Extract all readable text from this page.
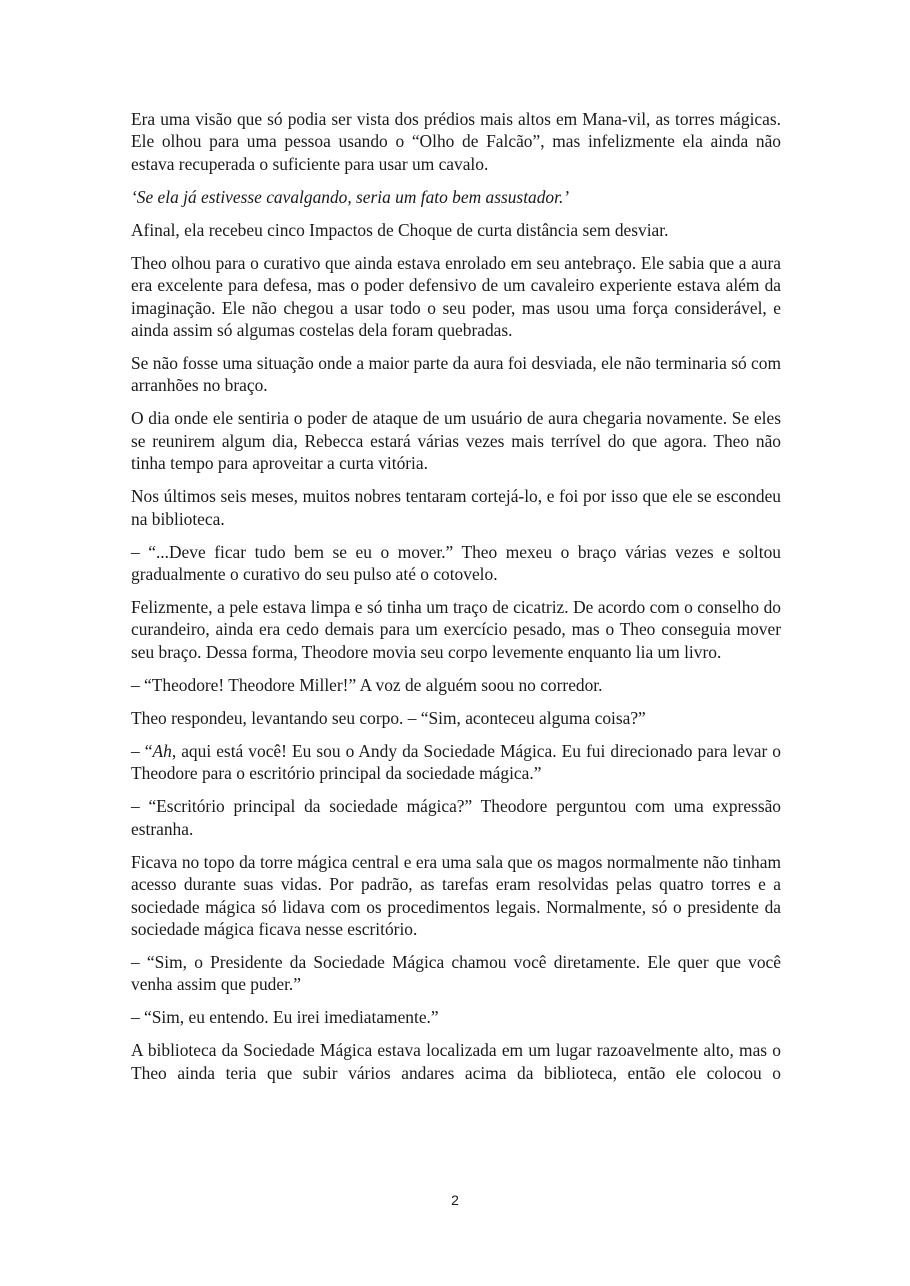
Era uma visão que só podia ser vista dos prédios mais altos em Mana-vil, as torres mágicas. Ele olhou para uma pessoa usando o “Olho de Falcão”, mas infelizmente ela ainda não estava recuperada o suficiente para usar um cavalo.

‘Se ela já estivesse cavalgando, seria um fato bem assustador.’

Afinal, ela recebeu cinco Impactos de Choque de curta distância sem desviar.

Theo olhou para o curativo que ainda estava enrolado em seu antebraço. Ele sabia que a aura era excelente para defesa, mas o poder defensivo de um cavaleiro experiente estava além da imaginação. Ele não chegou a usar todo o seu poder, mas usou uma força considerável, e ainda assim só algumas costelas dela foram quebradas.

Se não fosse uma situação onde a maior parte da aura foi desviada, ele não terminaria só com arranhões no braço.

O dia onde ele sentiria o poder de ataque de um usuário de aura chegaria novamente. Se eles se reunirem algum dia, Rebecca estará várias vezes mais terrível do que agora. Theo não tinha tempo para aproveitar a curta vitória.

Nos últimos seis meses, muitos nobres tentaram cortejá-lo, e foi por isso que ele se escondeu na biblioteca.

– “...Deve ficar tudo bem se eu o mover.” Theo mexeu o braço várias vezes e soltou gradualmente o curativo do seu pulso até o cotovelo.

Felizmente, a pele estava limpa e só tinha um traço de cicatriz. De acordo com o conselho do curandeiro, ainda era cedo demais para um exercício pesado, mas o Theo conseguia mover seu braço. Dessa forma, Theodore movia seu corpo levemente enquanto lia um livro.

– “Theodore! Theodore Miller!” A voz de alguém soou no corredor.

Theo respondeu, levantando seu corpo. – “Sim, aconteceu alguma coisa?”

– “Ah, aqui está você! Eu sou o Andy da Sociedade Mágica. Eu fui direcionado para levar o Theodore para o escritório principal da sociedade mágica.”

– “Escritório principal da sociedade mágica?” Theodore perguntou com uma expressão estranha.

Ficava no topo da torre mágica central e era uma sala que os magos normalmente não tinham acesso durante suas vidas. Por padrão, as tarefas eram resolvidas pelas quatro torres e a sociedade mágica só lidava com os procedimentos legais. Normalmente, só o presidente da sociedade mágica ficava nesse escritório.

– “Sim, o Presidente da Sociedade Mágica chamou você diretamente. Ele quer que você venha assim que puder.”

– “Sim, eu entendo. Eu irei imediatamente.”

A biblioteca da Sociedade Mágica estava localizada em um lugar razoavelmente alto, mas o Theo ainda teria que subir vários andares acima da biblioteca, então ele colocou o

2
